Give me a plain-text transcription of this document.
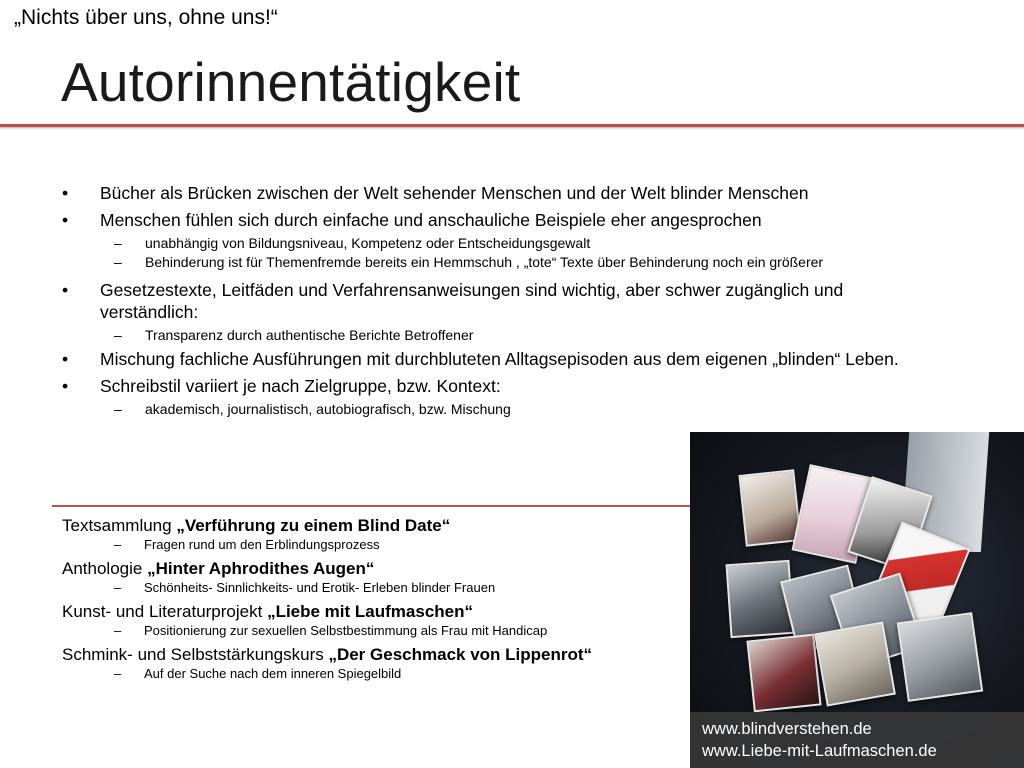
„Nichts über uns, ohne uns!“
Autorinnentätigkeit
• Bücher als Brücken zwischen der Welt sehender Menschen und der Welt blinder Menschen
• Menschen fühlen sich durch einfache und anschauliche Beispiele eher angesprochen
– unabhängig von Bildungsniveau, Kompetenz oder Entscheidungsgewalt
– Behinderung ist für Themenfremde bereits ein Hemmschuh , „tote“ Texte über Behinderung noch ein größerer
• Gesetzestexte, Leitfäden und Verfahrensanweisungen sind wichtig, aber schwer zugänglich und verständlich:
– Transparenz durch authentische Berichte Betroffener
• Mischung fachliche Ausführungen mit durchbluteten Alltagsepisoden aus dem eigenen „blinden“ Leben.
• Schreibstil variiert je nach Zielgruppe, bzw. Kontext:
– akademisch, journalistisch, autobiografisch, bzw. Mischung
Textsammlung „Verführung zu einem Blind Date“
– Fragen rund um den Erblindungsprozess
Anthologie „Hinter Aphrodithes Augen“
– Schönheits- Sinnlichkeits- und Erotik- Erleben blinder Frauen
Kunst- und Literaturprojekt „Liebe mit Laufmaschen“
– Positionierung zur sexuellen Selbstbestimmung als Frau mit Handicap
Schmink- und Selbststärkungskurs „Der Geschmack von Lippenrot“
– Auf der Suche nach dem inneren Spiegelbild
www.blindverstehen.de
www.Liebe-mit-Laufmaschen.de
